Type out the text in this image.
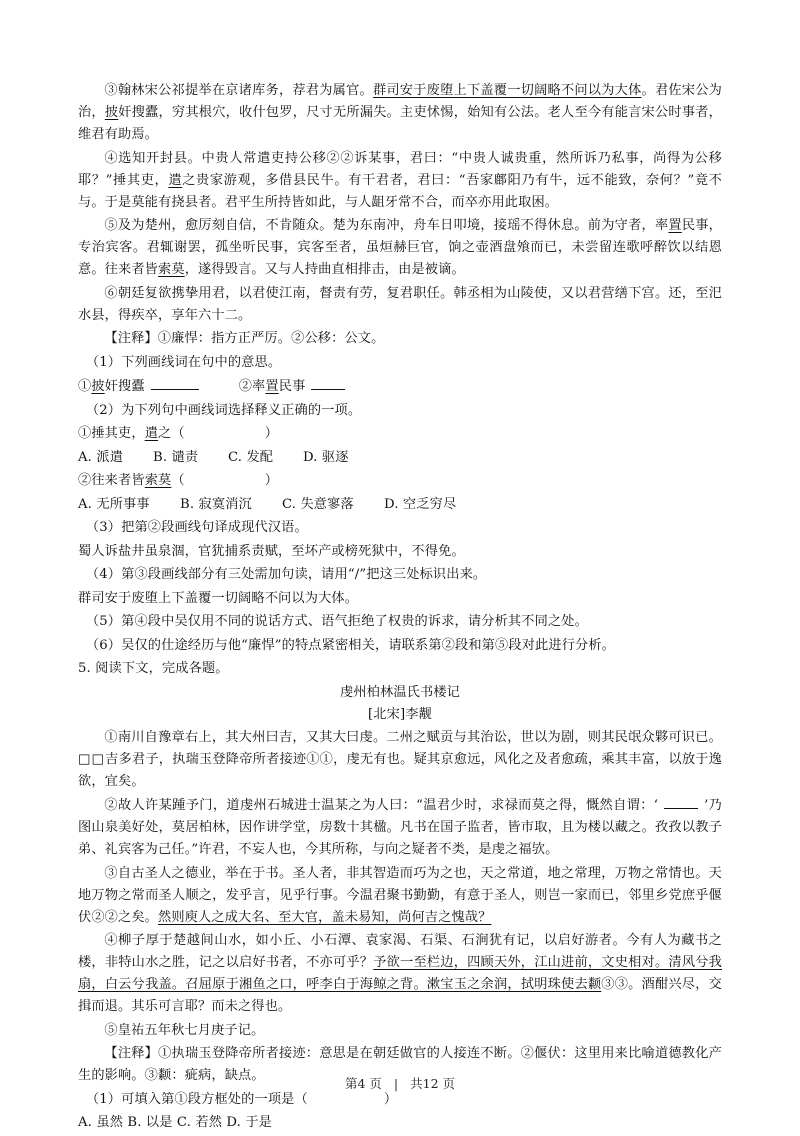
③翰林宋公祁提举在京诸库务，荐君为属官。群司安于废堕上下盖覆一切阔略不问以为大体。君佐宋公为治，披奸搜蠹，穷其根穴，收什包罗，尺寸无所漏失。主吏怵惕，始知有公法。老人至今有能言宋公时事者，维君有助焉。

④选知开封县。中贵人常遣吏持公移②②诉某事，君曰：“中贵人诚贵重，然所诉乃私事，尚得为公移耶？”捶其吏，遣之贵家游观，多借县民牛。有干君者，君曰：“吾家鄜阳乃有牛，远不能致，奈何？”竟不与。于是莫能有挠县者。君平生所持皆如此，与人龃牙常不合，而卒亦用此取困。

⑤及为楚州，愈厉刻自信，不肯随众。楚为东南冲，舟车日叩境，接瑶不得休息。前为守者，率置民事，专治宾客。君辄谢罢，孤坐听民事，宾客至者，虽烜赫巨官，饷之壶酒盘飧而已，未尝留连歌呼醉饮以结恩意。往来者皆索莫，遂得毁言。又与人持曲直相排击，由是被谪。

⑥朝廷复欲携挚用君，以君使江南，督责有劳，复君职任。韩丞相为山陵使，又以君营缮下宫。还，至汜水县，得疾卒，享年六十二。

【注释】①廉悍：指方正严厉。②公移：公文。

（1）下列画线词在句中的意思。

①披奸搜蠹	②率置民事

（2）为下列句中画线词选择释义正确的一项。

①捶其吏，遣之（	）

A. 派遣 B. 谴责 C. 发配 D. 驱逐

②往来者皆索莫（	）

A. 无所事事 B. 寂寞消沉 C. 失意寥落 D. 空乏穷尽

（3）把第②段画线句译成现代汉语。

蜀人诉盐井虽泉涸，官犹捕系责赋，至坏产或榜死狱中，不得免。

（4）第③段画线部分有三处需加句读，请用“/”把这三处标识出来。

群司安于废堕上下盖覆一切阔略不问以为大体。

（5）第④段中吴仅用不同的说话方式、语气拒绝了权贵的诉求，请分析其不同之处。

（6）吴仅的仕途经历与他“廉悍”的特点紧密相关，请联系第②段和第⑤段对此进行分析。

5. 阅读下文，完成各题。

虔州柏林温氏书楼记

[北宋]李觏

①南川自豫章右上，其大州曰吉，又其大曰虔。二州之赋贡与其治讼，世以为剧，则其民氓众夥可识已。□□吉多君子，执瑞玉登降帝所者接迹①①，虔无有也。疑其京愈远，风化之及者愈疏，乘其丰富，以放于逸欲，宜矣。

②故人许某踵予门，道虔州石城进士温某之为人曰：“温君少时，求禄而莫之得，慨然自谓：‘	’乃图山泉美好处，莫居柏林，因作讲学堂，房数十其楹。凡书在国子监者，皆市取，且为楼以藏之。孜孜以教子弟、礼宾客为己任。”许君，不妄人也，今其所称，与向之疑者不类，是虔之福欤。

③自古圣人之德业，举在于书。圣人者，非其智造而巧为之也，天之常道，地之常理，万物之常情也。天地万物之常而圣人顺之，发乎言，见乎行事。今温君聚书勤勤，有意于圣人，则岂一家而已，邻里乡党庶乎偃伏②②之矣。然则庾人之成大名、至大官，盖未易知，尚何吉之愧哉？

④柳子厚于楚越间山水，如小丘、小石潭、袁家渴、石渠、石涧犹有记，以启好游者。今有人为藏书之楼，非特山水之胜，记之以启好书者，不亦可乎？予欲一至栏边，四顾天外，江山进前，文史相对。清风兮我扇，白云兮我盖。召屈原于湘鱼之口，呼李白于海鲸之背。漱宝玉之余润，拭明珠使去颣③③。酒酣兴尽，交揖而退。其乐可言耶？而未之得也。

⑤皇祐五年秋七月庚子记。

【注释】①执瑞玉登降帝所者接迹：意思是在朝廷做官的人接连不断。②偃伏：这里用来比喻道德教化产生的影响。③颣：疵病，缺点。

（1）可填入第①段方框处的一项是（	）

A. 虽然 B. 以是 C. 若然 D. 于是

第4 页 | 共12 页
